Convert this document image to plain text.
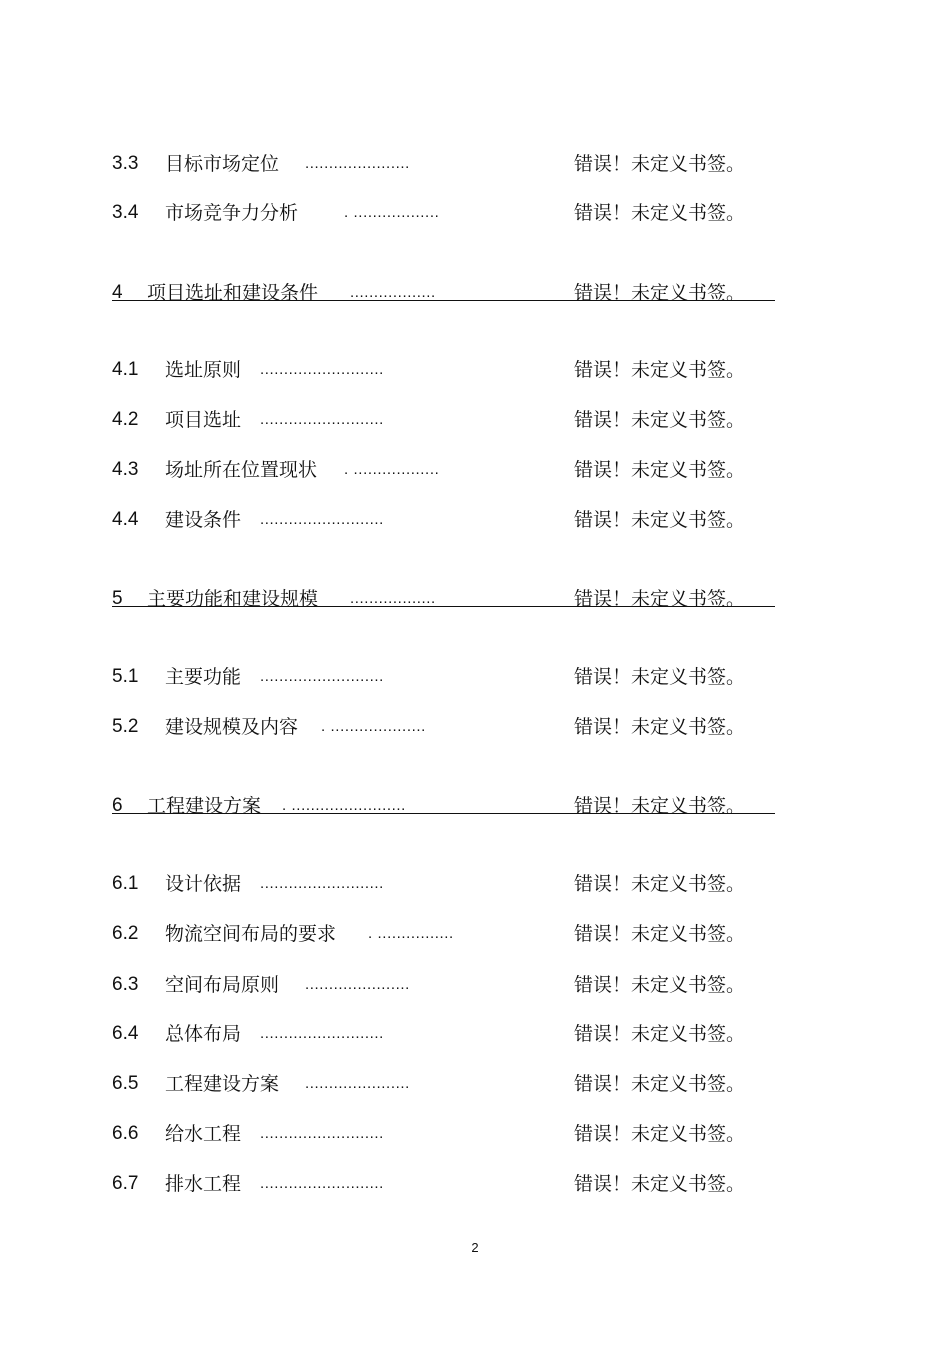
3.3 目标市场定位 ......................	错误！未定义书签。
3.4 市场竞争力分析	. ..................	错误！未定义书签。
4 项目选址和建设条件 ..................	错误！未定义书签。
4.1 选址原则 ..........................	错误！未定义书签。
4.2 项目选址 ..........................	错误！未定义书签。
4.3 场址所在位置现状 . ..................	错误！未定义书签。
4.4 建设条件 ..........................	错误！未定义书签。
5 主要功能和建设规模 ..................	错误！未定义书签。
5.1 主要功能 ..........................	错误！未定义书签。
5.2 建设规模及内容 . ....................	错误！未定义书签。
6 工程建设方案 . ........................	错误！未定义书签。
6.1 设计依据 ..........................	错误！未定义书签。
6.2 物流空间布局的要求 . ................	错误！未定义书签。
6.3 空间布局原则 ......................	错误！未定义书签。
6.4 总体布局 ..........................	错误！未定义书签。
6.5 工程建设方案 ......................	错误！未定义书签。
6.6 给水工程 ..........................	错误！未定义书签。
6.7 排水工程 ..........................	错误！未定义书签。
2
